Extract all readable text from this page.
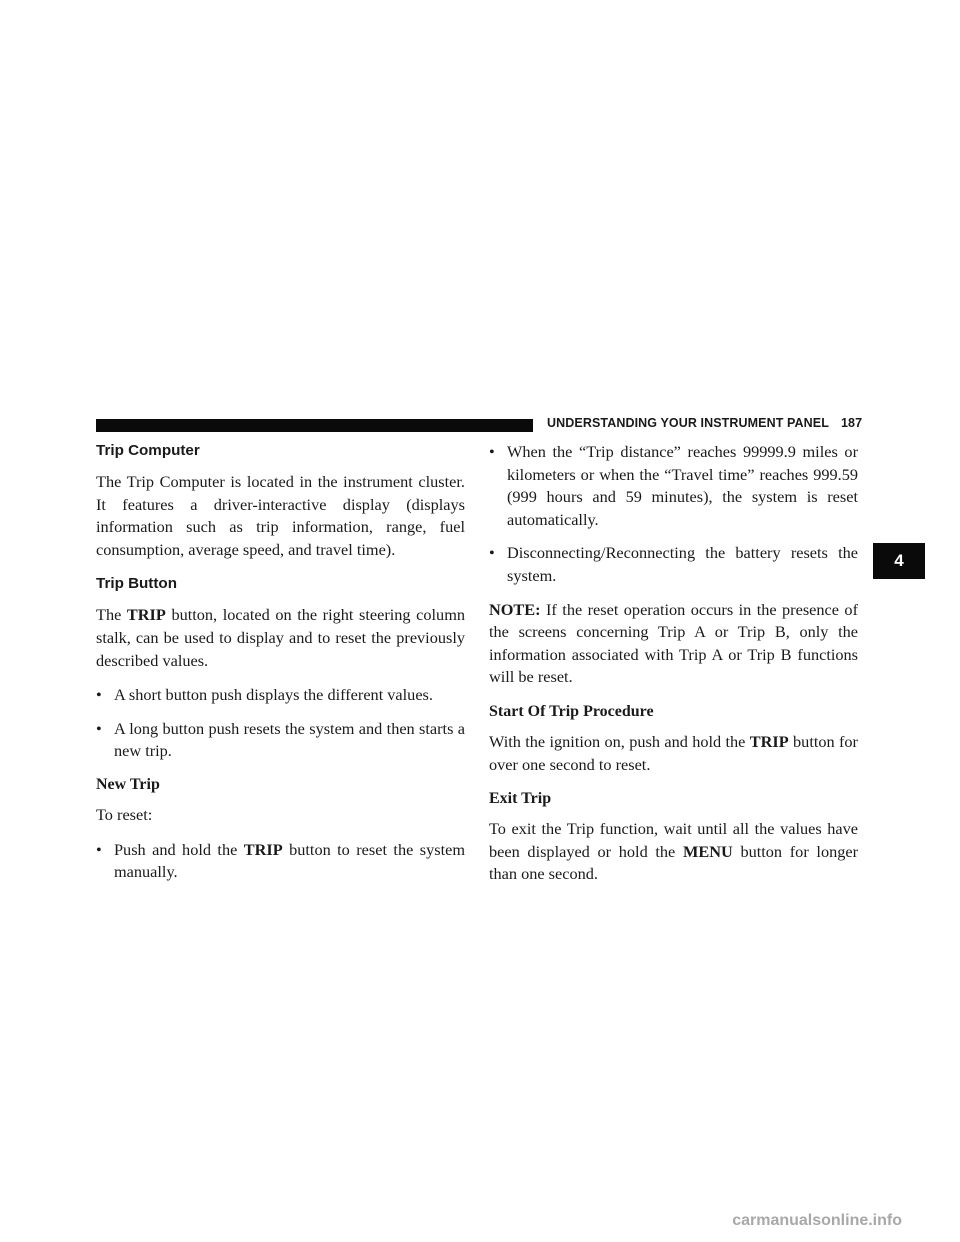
UNDERSTANDING YOUR INSTRUMENT PANEL 187
Trip Computer

The Trip Computer is located in the instrument cluster. It features a driver-interactive display (displays information such as trip information, range, fuel consumption, average speed, and travel time).

Trip Button

The TRIP button, located on the right steering column stalk, can be used to display and to reset the previously described values.

• A short button push displays the different values.
• A long button push resets the system and then starts a new trip.
New Trip

To reset:

• Push and hold the TRIP button to reset the system manually.
• When the “Trip distance” reaches 99999.9 miles or kilometers or when the “Travel time” reaches 999.59 (999 hours and 59 minutes), the system is reset automatically.
• Disconnecting/Reconnecting the battery resets the system.

NOTE: If the reset operation occurs in the presence of the screens concerning Trip A or Trip B, only the information associated with Trip A or Trip B functions will be reset.

Start Of Trip Procedure

With the ignition on, push and hold the TRIP button for over one second to reset.

Exit Trip

To exit the Trip function, wait until all the values have been displayed or hold the MENU button for longer than one second.

4
carmanualsonline.info
